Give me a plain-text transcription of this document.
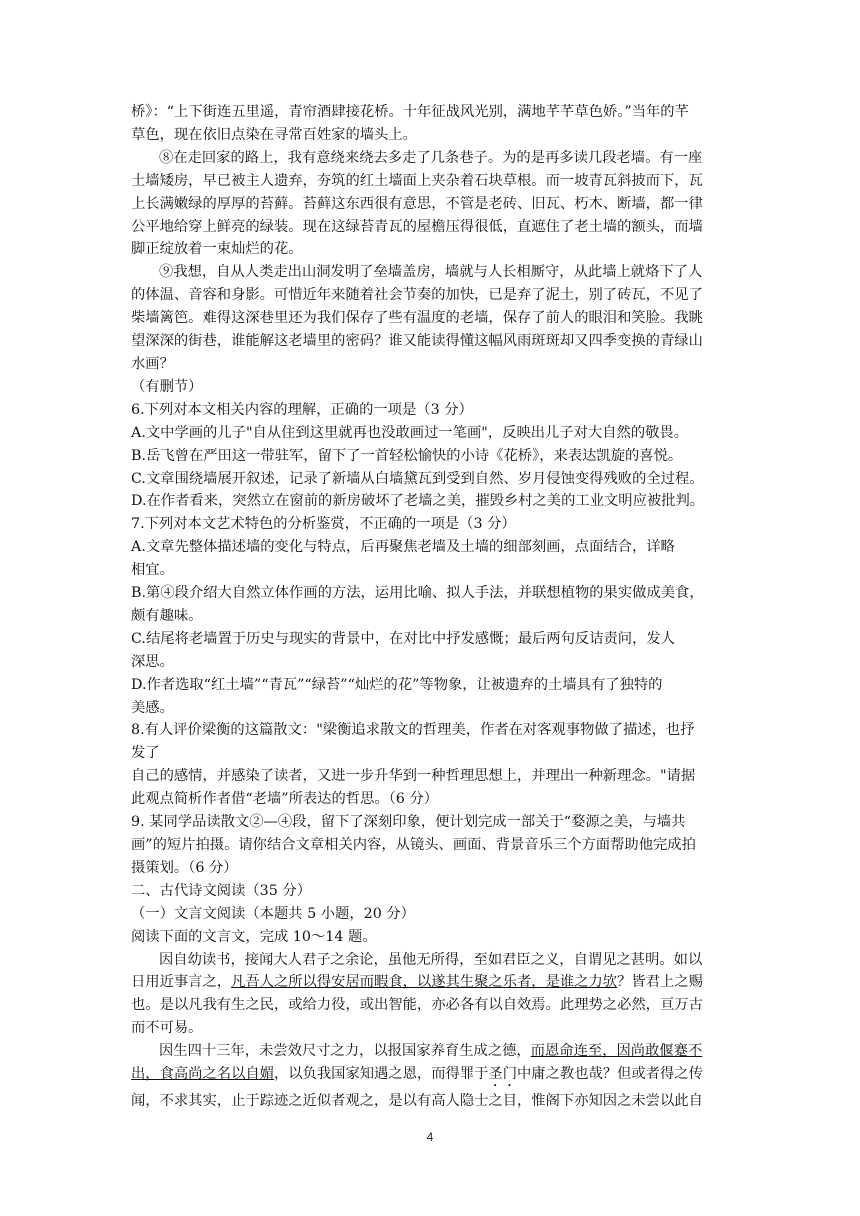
桥》：“上下街连五里遥，青帘酒肆接花桥。十年征战风光别，满地芊芊草色娇。”当年的芊

草色，现在依旧点染在寻常百姓家的墙头上。

⑧在走回家的路上，我有意绕来绕去多走了几条巷子。为的是再多读几段老墙。有一座

土墙矮房，早已被主人遗弃，夯筑的红土墙面上夹杂着石块草根。而一坡青瓦斜披而下，瓦

上长满嫩绿的厚厚的苔藓。苔藓这东西很有意思，不管是老砖、旧瓦、朽木、断墙，都一律

公平地给穿上鲜亮的绿装。现在这绿苔青瓦的屋檐压得很低，直遮住了老土墙的额头，而墙

脚正绽放着一束灿烂的花。

⑨我想，自从人类走出山洞发明了垒墙盖房，墙就与人长相厮守，从此墙上就烙下了人

的体温、音容和身影。可惜近年来随着社会节奏的加快，已是弃了泥土，别了砖瓦，不见了

柴墙篱笆。难得这深巷里还为我们保存了些有温度的老墙，保存了前人的眼泪和笑脸。我眺

望深深的街巷，谁能解这老墙里的密码？谁又能读得懂这幅风雨斑斑却又四季变换的青绿山

水画？

（有删节）

6.下列对本文相关内容的理解，正确的一项是（3 分）

A.文中学画的儿子"自从住到这里就再也没敢画过一笔画"，反映出儿子对大自然的敬畏。

B.岳飞曾在严田这一带驻军，留下了一首轻松愉快的小诗《花桥》，来表达凯旋的喜悦。

C.文章围绕墙展开叙述，记录了新墙从白墙黛瓦到受到自然、岁月侵蚀变得残败的全过程。

D.在作者看来，突然立在窗前的新房破坏了老墙之美，摧毁乡村之美的工业文明应被批判。

7.下列对本文艺术特色的分析鉴赏，不正确的一项是（3 分）

A.文章先整体描述墙的变化与特点，后再聚焦老墙及土墙的细部刻画，点面结合，详略

相宜。

B.第④段介绍大自然立体作画的方法，运用比喻、拟人手法，并联想植物的果实做成美食，

颇有趣味。

C.结尾将老墙置于历史与现实的背景中，在对比中抒发感慨；最后两句反诘责问，发人

深思。

D.作者选取“红土墙”“青瓦”“绿苔”“灿烂的花”等物象，让被遗弃的土墙具有了独特的

美感。

8.有人评价梁衡的这篇散文："梁衡追求散文的哲理美，作者在对客观事物做了描述，也抒

发了

自己的感情，并感染了读者，又进一步升华到一种哲理思想上，并理出一种新理念。"请据

此观点简析作者借“老墙”所表达的哲思。（6 分）

9. 某同学品读散文②—④段，留下了深刻印象，便计划完成一部关于“婺源之美，与墙共

画”的短片拍摄。请你结合文章相关内容，从镜头、画面、背景音乐三个方面帮助他完成拍

摄策划。（6 分）

二、古代诗文阅读（35 分）

（一）文言文阅读（本题共 5 小题，20 分）

阅读下面的文言文，完成 10～14 题。

因自幼读书，接闻大人君子之余论，虽他无所得，至如君臣之义，自谓见之甚明。如以

日用近事言之，凡吾人之所以得安居而暇食，以遂其生聚之乐者，是谁之力欤？皆君上之赐

也。是以凡我有生之民，或给力役，或出智能，亦必各有以自效焉。此理势之必然，亘万古

而不可易。

因生四十三年，未尝效尺寸之力，以报国家养育生成之德，而恩命连至，因尚敢偃蹇不

出，食高尚之名以自媚，以负我国家知遇之恩，而得罪于圣门中庸之教也哉？但或者得之传

闻，不求其实，止于踪迹之近似者观之，是以有高人隐士之目，惟阁下亦知因之未尝以此自

4
